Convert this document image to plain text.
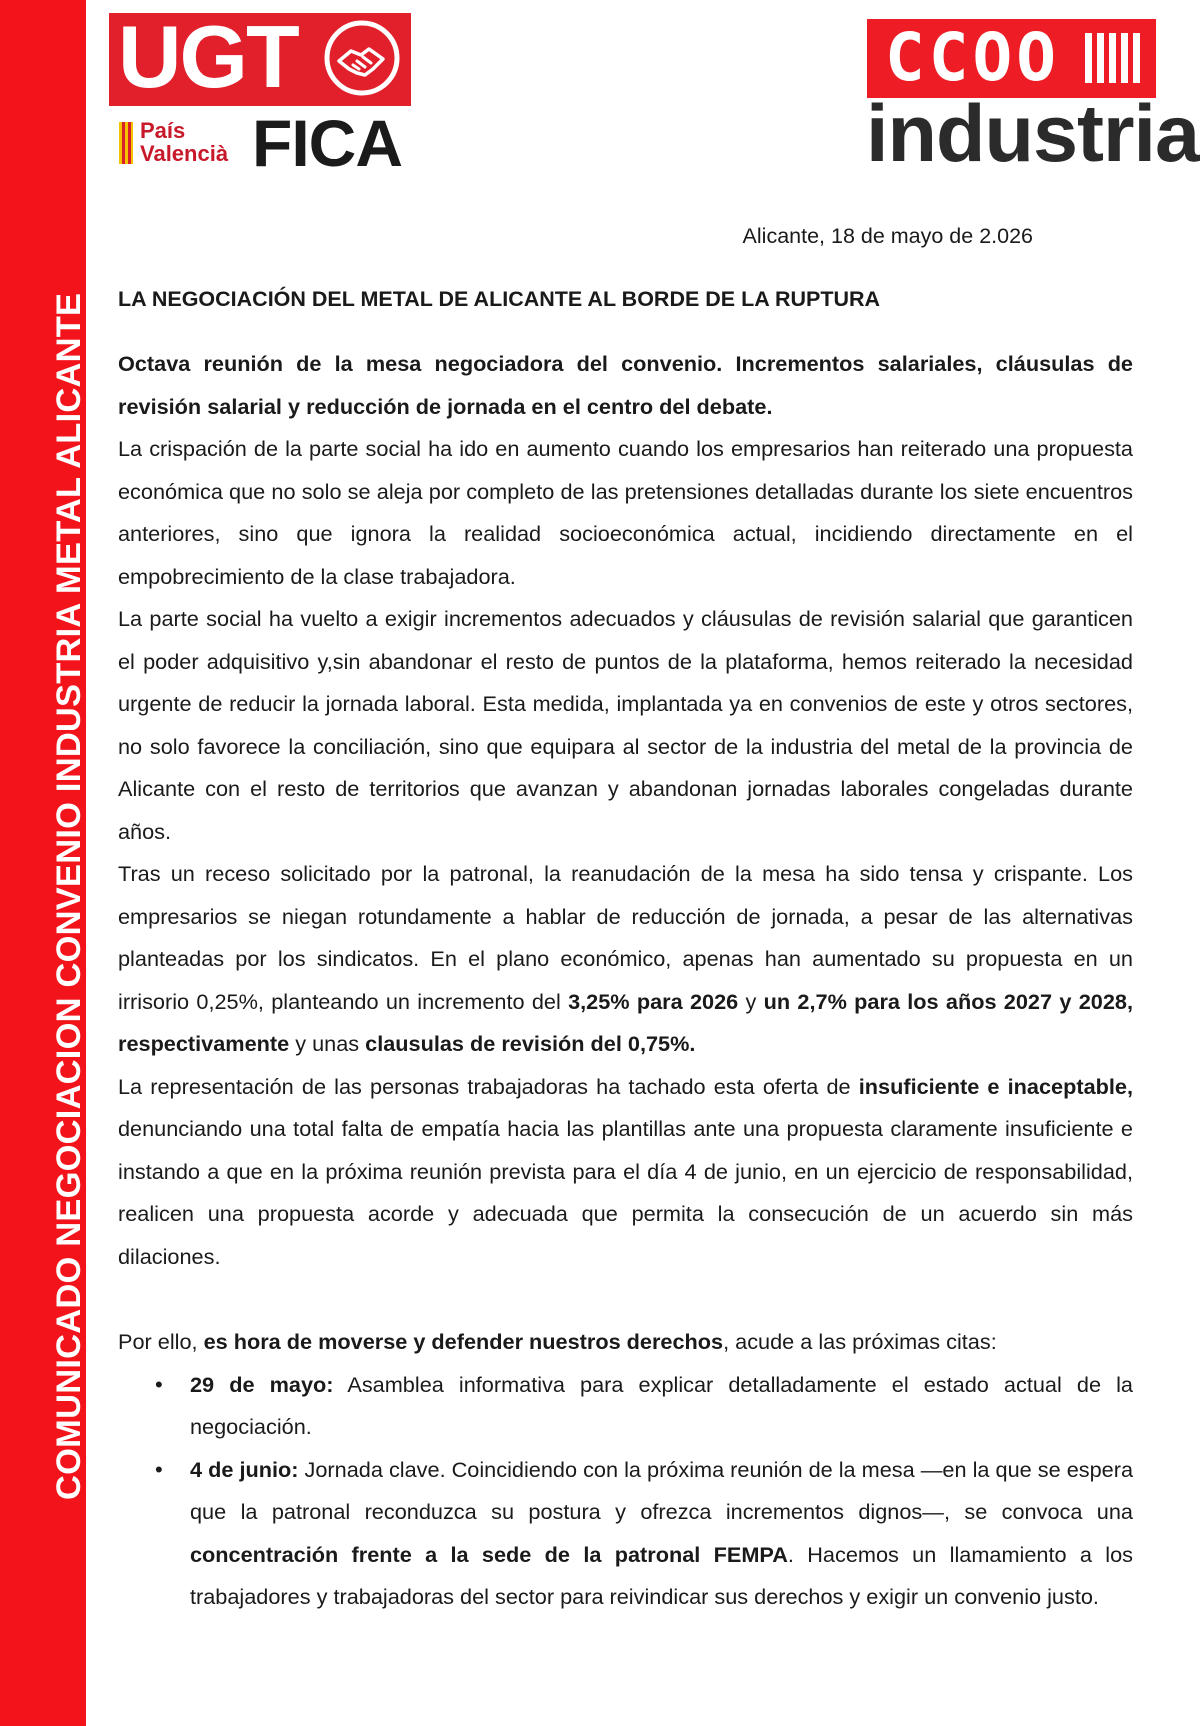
COMUNICADO NEGOCIACION CONVENIO INDUSTRIA METAL ALICANTE
UGT
País
Valencià FICA
CCOO
industria
Alicante, 18 de mayo de 2.026
LA NEGOCIACIÓN DEL METAL DE ALICANTE AL BORDE DE LA RUPTURA

Octava reunión de la mesa negociadora del convenio. Incrementos salariales, cláusulas de revisión salarial y reducción de jornada en el centro del debate.

La crispación de la parte social ha ido en aumento cuando los empresarios han reiterado una propuesta económica que no solo se aleja por completo de las pretensiones detalladas durante los siete encuentros anteriores, sino que ignora la realidad socioeconómica actual, incidiendo directamente en el empobrecimiento de la clase trabajadora.

La parte social ha vuelto a exigir incrementos adecuados y cláusulas de revisión salarial que garanticen el poder adquisitivo y,sin abandonar el resto de puntos de la plataforma, hemos reiterado la necesidad urgente de reducir la jornada laboral. Esta medida, implantada ya en convenios de este y otros sectores, no solo favorece la conciliación, sino que equipara al sector de la industria del metal de la provincia de Alicante con el resto de territorios que avanzan y abandonan jornadas laborales congeladas durante años.

Tras un receso solicitado por la patronal, la reanudación de la mesa ha sido tensa y crispante. Los empresarios se niegan rotundamente a hablar de reducción de jornada, a pesar de las alternativas planteadas por los sindicatos. En el plano económico, apenas han aumentado su propuesta en un irrisorio 0,25%, planteando un incremento del 3,25% para 2026 y un 2,7% para los años 2027 y 2028, respectivamente y unas clausulas de revisión del 0,75%.

La representación de las personas trabajadoras ha tachado esta oferta de insuficiente e inaceptable, denunciando una total falta de empatía hacia las plantillas ante una propuesta claramente insuficiente e instando a que en la próxima reunión prevista para el día 4 de junio, en un ejercicio de responsabilidad, realicen una propuesta acorde y adecuada que permita la consecución de un acuerdo sin más dilaciones.

Por ello, es hora de moverse y defender nuestros derechos, acude a las próximas citas:

• 29 de mayo: Asamblea informativa para explicar detalladamente el estado actual de la negociación.
• 4 de junio: Jornada clave. Coincidiendo con la próxima reunión de la mesa —en la que se espera que la patronal reconduzca su postura y ofrezca incrementos dignos—, se convoca una concentración frente a la sede de la patronal FEMPA. Hacemos un llamamiento a los trabajadores y trabajadoras del sector para reivindicar sus derechos y exigir un convenio justo.
